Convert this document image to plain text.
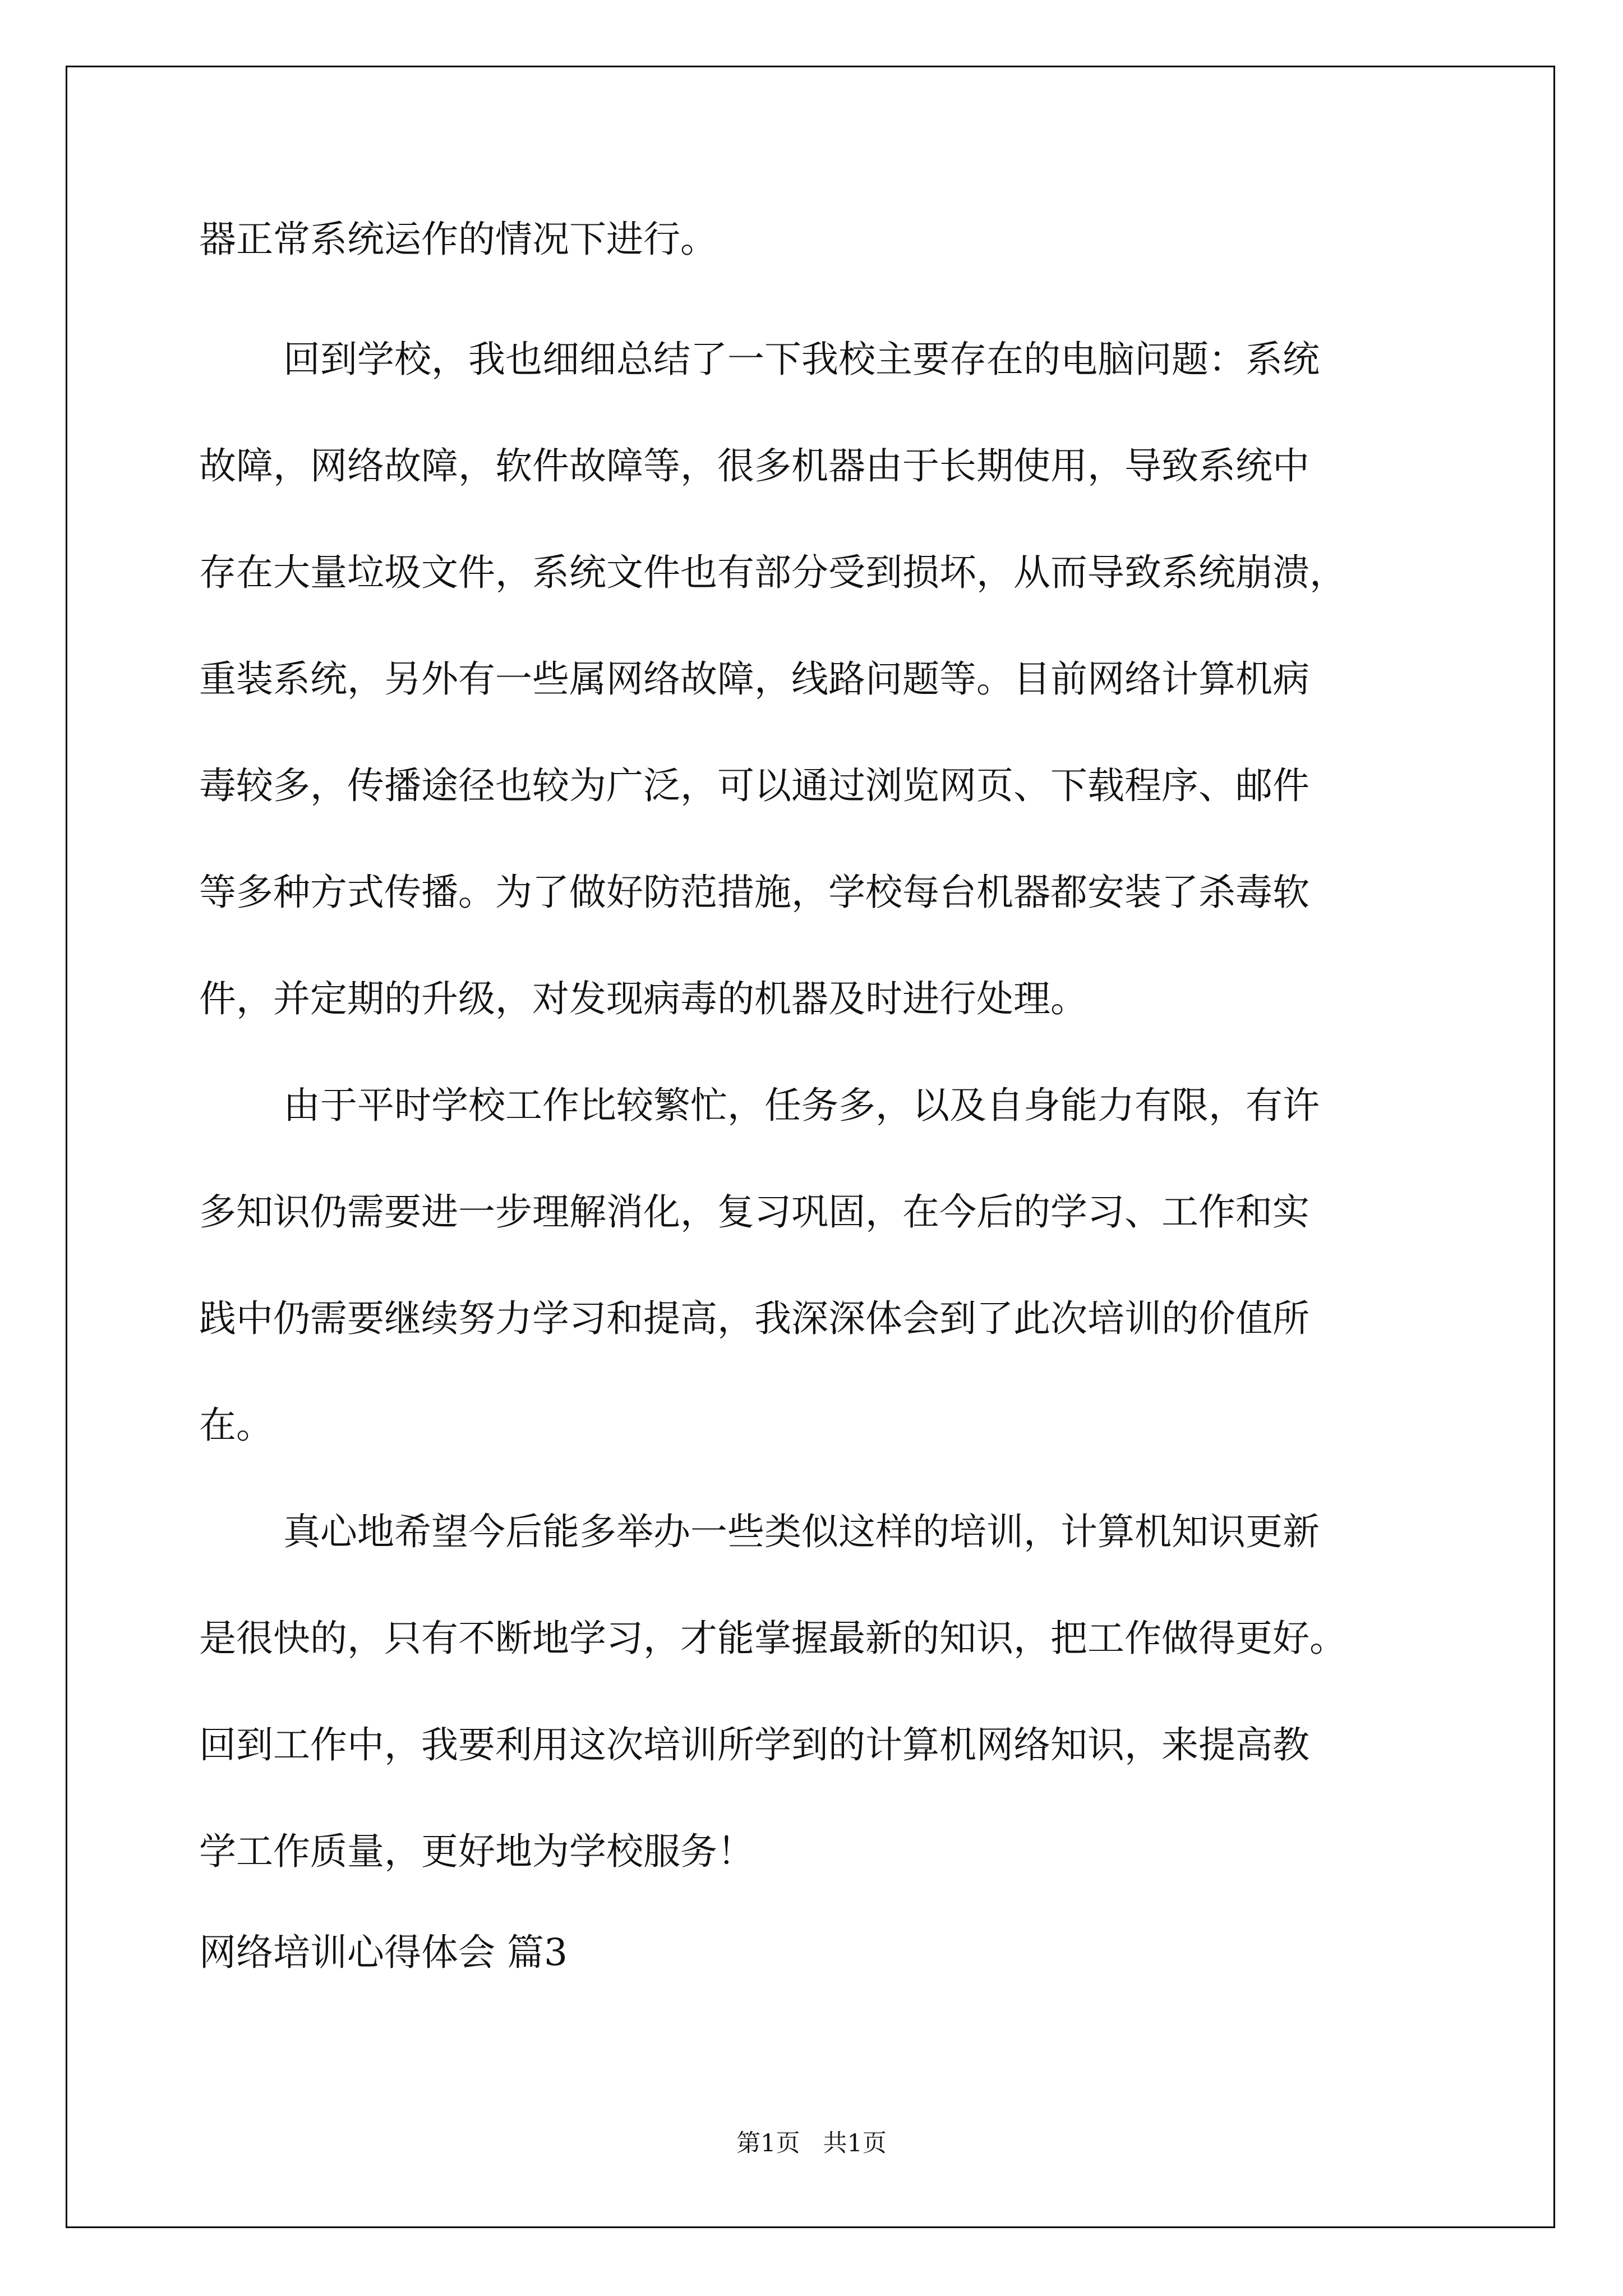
器正常系统运作的情况下进行。

回到学校，我也细细总结了一下我校主要存在的电脑问题：系统

故障，网络故障，软件故障等，很多机器由于长期使用，导致系统中

存在大量垃圾文件，系统文件也有部分受到损坏，从而导致系统崩溃，

重装系统，另外有一些属网络故障，线路问题等。目前网络计算机病

毒较多，传播途径也较为广泛，可以通过浏览网页、下载程序、邮件

等多种方式传播。为了做好防范措施，学校每台机器都安装了杀毒软

件，并定期的升级，对发现病毒的机器及时进行处理。

由于平时学校工作比较繁忙，任务多，以及自身能力有限，有许

多知识仍需要进一步理解消化，复习巩固，在今后的学习、工作和实

践中仍需要继续努力学习和提高，我深深体会到了此次培训的价值所

在。

真心地希望今后能多举办一些类似这样的培训，计算机知识更新

是很快的，只有不断地学习，才能掌握最新的知识，把工作做得更好。

回到工作中，我要利用这次培训所学到的计算机网络知识，来提高教

学工作质量，更好地为学校服务！

网络培训心得体会 篇3

第1页   共1页
